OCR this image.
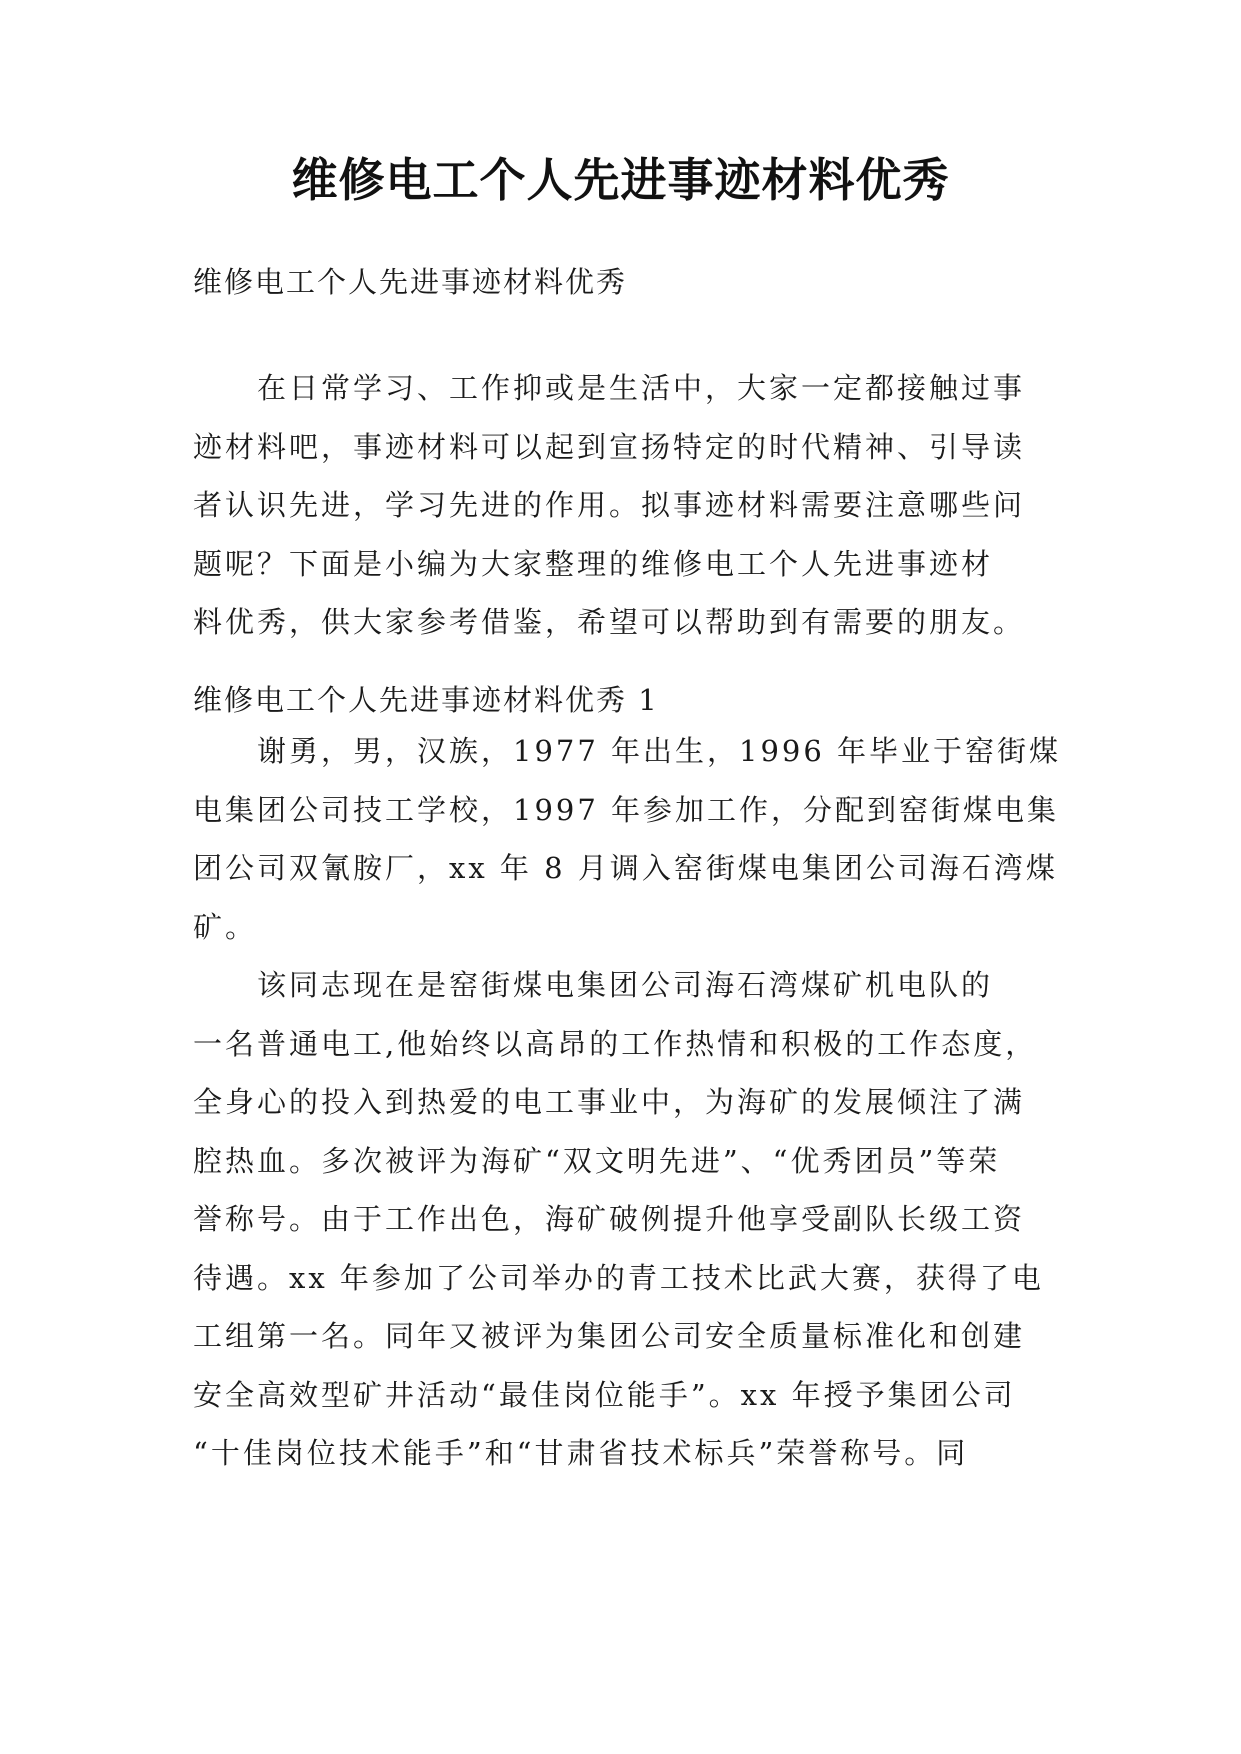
维修电工个人先进事迹材料优秀
维修电工个人先进事迹材料优秀
　　在日常学习、工作抑或是生活中，大家一定都接触过事
迹材料吧，事迹材料可以起到宣扬特定的时代精神、引导读
者认识先进，学习先进的作用。拟事迹材料需要注意哪些问
题呢？下面是小编为大家整理的维修电工个人先进事迹材
料优秀，供大家参考借鉴，希望可以帮助到有需要的朋友。
维修电工个人先进事迹材料优秀 1
　　谢勇，男，汉族，1977 年出生，1996 年毕业于窑街煤
电集团公司技工学校，1997 年参加工作，分配到窑街煤电集
团公司双氰胺厂，xx 年 8 月调入窑街煤电集团公司海石湾煤
矿。
　　该同志现在是窑街煤电集团公司海石湾煤矿机电队的
一名普通电工,他始终以高昂的工作热情和积极的工作态度，
全身心的投入到热爱的电工事业中，为海矿的发展倾注了满
腔热血。多次被评为海矿“双文明先进”、“优秀团员”等荣
誉称号。由于工作出色，海矿破例提升他享受副队长级工资
待遇。xx 年参加了公司举办的青工技术比武大赛，获得了电
工组第一名。同年又被评为集团公司安全质量标准化和创建
安全高效型矿井活动“最佳岗位能手”。xx 年授予集团公司
“十佳岗位技术能手”和“甘肃省技术标兵”荣誉称号。同
